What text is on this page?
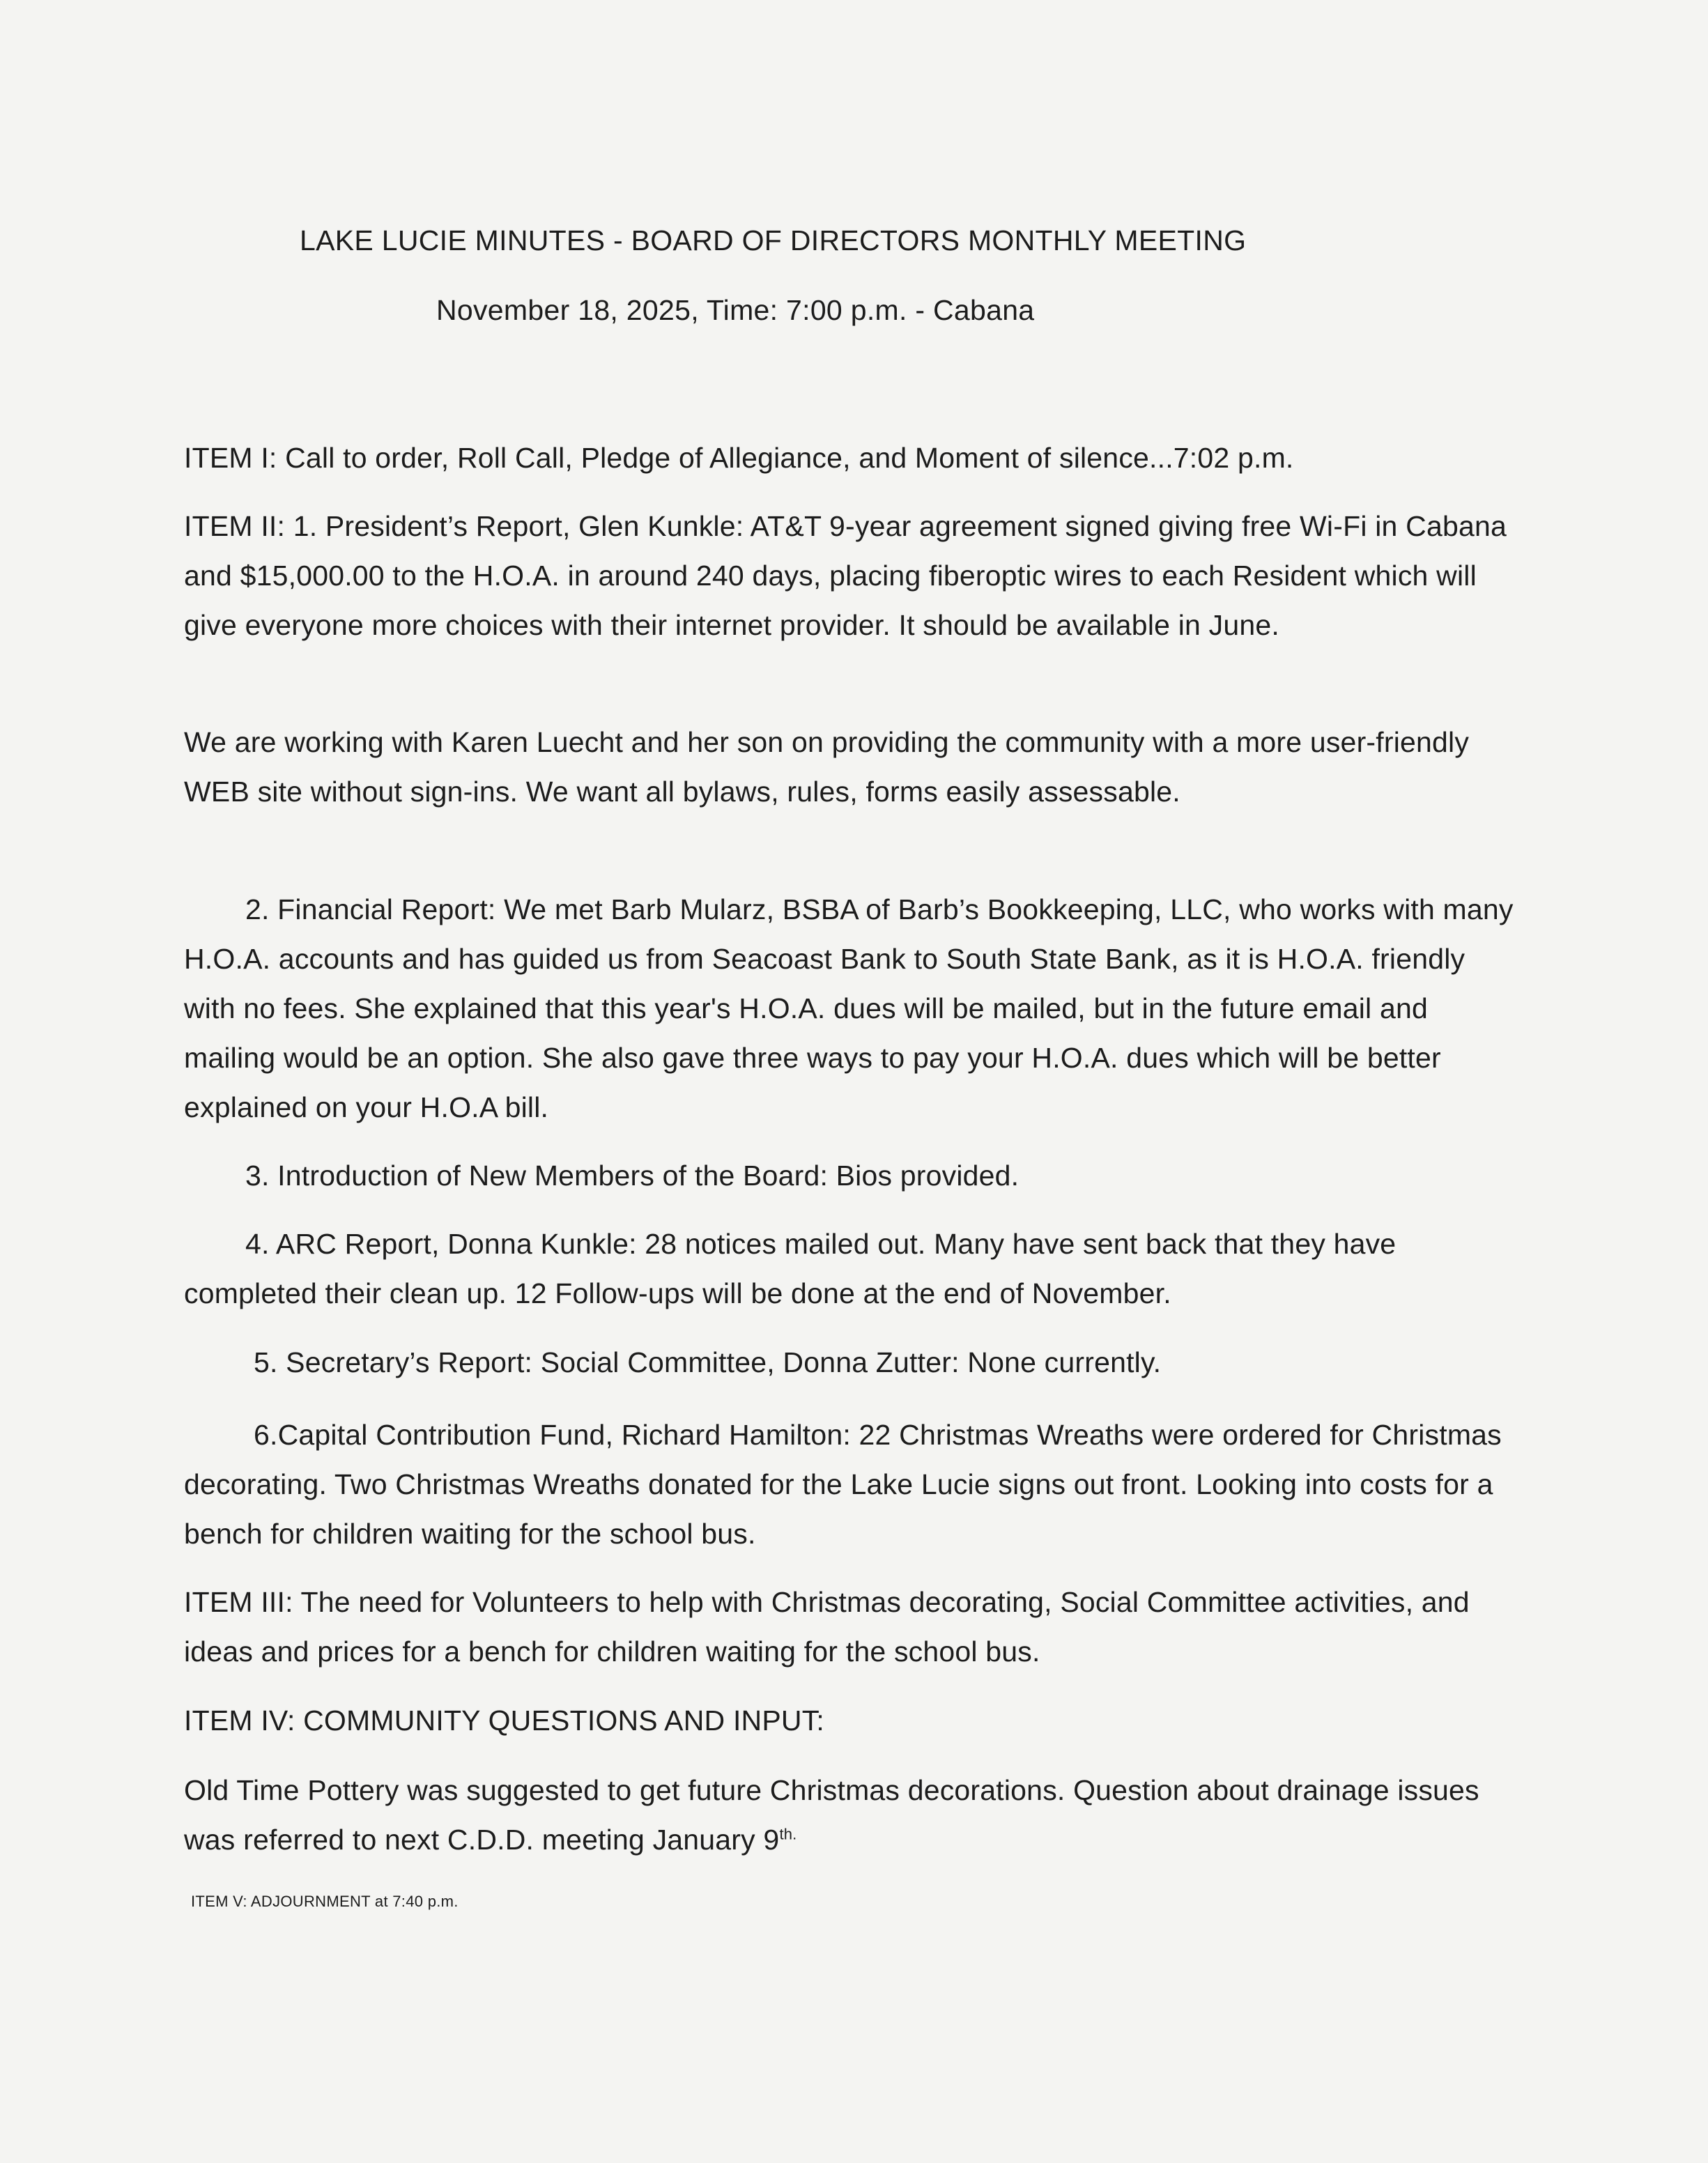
LAKE LUCIE MINUTES - BOARD OF DIRECTORS MONTHLY MEETING
November 18, 2025, Time: 7:00 p.m. - Cabana

ITEM I: Call to order, Roll Call, Pledge of Allegiance, and Moment of silence...7:02 p.m.

ITEM II: 1. President’s Report, Glen Kunkle: AT&T 9-year agreement signed giving free Wi-Fi in Cabana and $15,000.00 to the H.O.A. in around 240 days, placing fiberoptic wires to each Resident which will give everyone more choices with their internet provider. It should be available in June.

We are working with Karen Luecht and her son on providing the community with a more user-friendly WEB site without sign-ins. We want all bylaws, rules, forms easily assessable.

2. Financial Report: We met Barb Mularz, BSBA of Barb’s Bookkeeping, LLC, who works with many H.O.A. accounts and has guided us from Seacoast Bank to South State Bank, as it is H.O.A. friendly with no fees. She explained that this year's H.O.A. dues will be mailed, but in the future email and mailing would be an option. She also gave three ways to pay your H.O.A. dues which will be better explained on your H.O.A bill.

3. Introduction of New Members of the Board: Bios provided.

4. ARC Report, Donna Kunkle: 28 notices mailed out. Many have sent back that they have completed their clean up. 12 Follow-ups will be done at the end of November.

5. Secretary’s Report: Social Committee, Donna Zutter: None currently.

6.Capital Contribution Fund, Richard Hamilton: 22 Christmas Wreaths were ordered for Christmas decorating. Two Christmas Wreaths donated for the Lake Lucie signs out front. Looking into costs for a bench for children waiting for the school bus.

ITEM III: The need for Volunteers to help with Christmas decorating, Social Committee activities, and ideas and prices for a bench for children waiting for the school bus.

ITEM IV: COMMUNITY QUESTIONS AND INPUT:

Old Time Pottery was suggested to get future Christmas decorations. Question about drainage issues was referred to next C.D.D. meeting January $9^{th.}$

ITEM V: ADJOURNMENT at 7:40 p.m.
